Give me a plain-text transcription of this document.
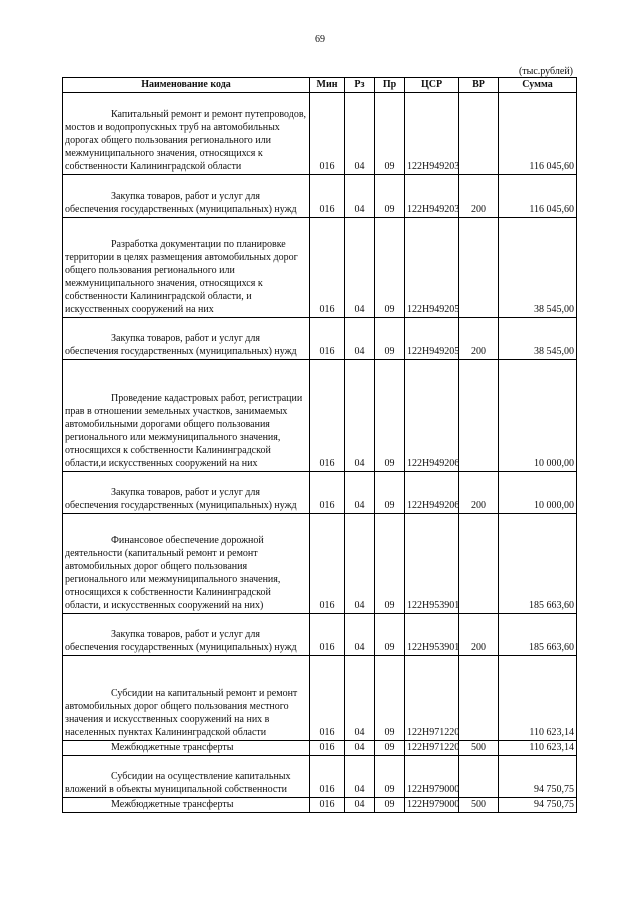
69
(тыс.рублей)
Наименование кода	Мин	Рз	Пр	ЦСР	ВР	Сумма
Капитальный ремонт и ремонт путепроводов, мостов и водопропускных труб на автомобильных дорогах общего пользования регионального или межмуниципального значения, относящихся к собственности Калининградской области	016	04	09	122Н949203		116 045,60
Закупка товаров, работ и услуг для обеспечения государственных (муниципальных) нужд	016	04	09	122Н949203	200	116 045,60
Разработка документации по планировке территории в целях размещения автомобильных дорог общего пользования регионального или межмуниципального значения, относящихся к собственности Калининградской области, и искусственных сооружений на них	016	04	09	122Н949205		38 545,00
Закупка товаров, работ и услуг для обеспечения государственных (муниципальных) нужд	016	04	09	122Н949205	200	38 545,00
Проведение кадастровых работ, регистрации прав в отношении земельных участков, занимаемых автомобильными дорогами общего пользования регионального или межмуниципального значения, относящихся к собственности Калининградской области,и искусственных сооружений на них	016	04	09	122Н949206		10 000,00
Закупка товаров, работ и услуг для обеспечения государственных (муниципальных) нужд	016	04	09	122Н949206	200	10 000,00
Финансовое обеспечение дорожной деятельности (капитальный ремонт и ремонт автомобильных дорог общего пользования регионального или межмуниципального значения, относящихся к собственности Калининградской области, и искусственных сооружений на них)	016	04	09	122Н953901		185 663,60
Закупка товаров, работ и услуг для обеспечения государственных (муниципальных) нужд	016	04	09	122Н953901	200	185 663,60
Субсидии на капитальный ремонт и ремонт автомобильных дорог общего пользования местного значения и искусственных сооружений на них в населенных пунктах Калининградской области	016	04	09	122Н971220		110 623,14
Межбюджетные трансферты	016	04	09	122Н971220	500	110 623,14
Субсидии на осуществление капитальных вложений в объекты муниципальной собственности	016	04	09	122Н979000		94 750,75
Межбюджетные трансферты	016	04	09	122Н979000	500	94 750,75
